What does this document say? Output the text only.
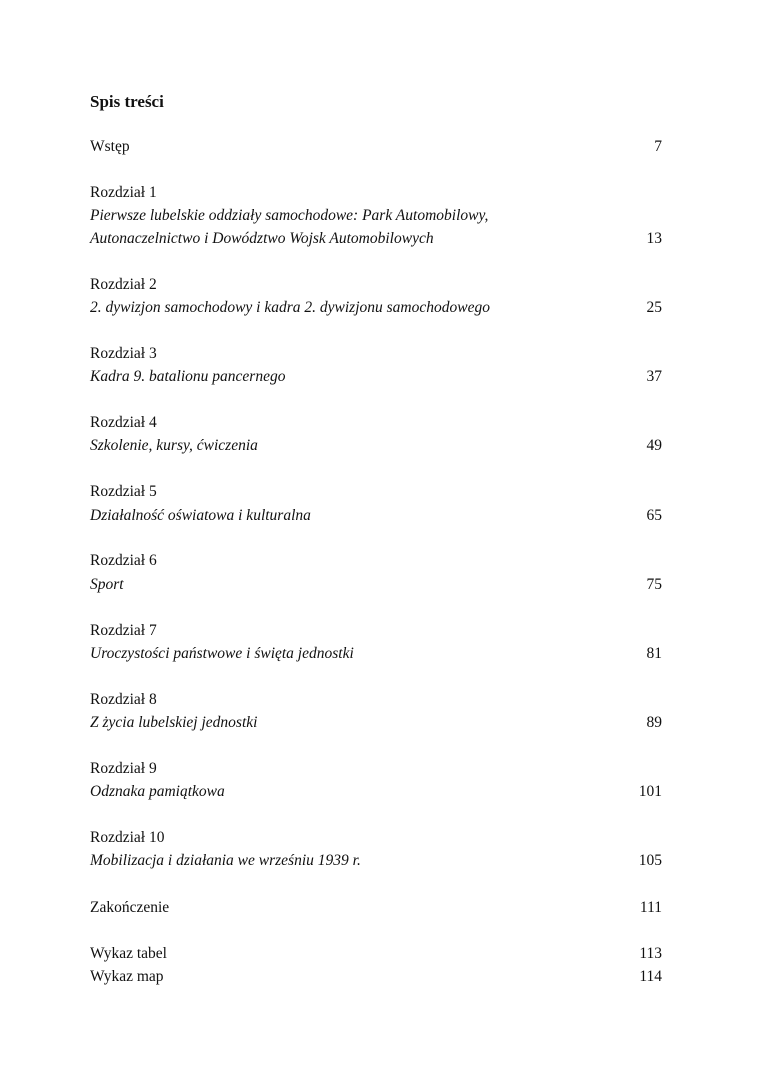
Spis treści
Wstęp	7
Rozdział 1
Pierwsze lubelskie oddziały samochodowe: Park Automobilowy,
Autonaczelnictwo i Dowództwo Wojsk Automobilowych	13
Rozdział 2
2. dywizjon samochodowy i kadra 2. dywizjonu samochodowego	25
Rozdział 3
Kadra 9. batalionu pancernego	37
Rozdział 4
Szkolenie, kursy, ćwiczenia	49
Rozdział 5
Działalność oświatowa i kulturalna	65
Rozdział 6
Sport	75
Rozdział 7
Uroczystości państwowe i święta jednostki	81
Rozdział 8
Z życia lubelskiej jednostki	89
Rozdział 9
Odznaka pamiątkowa	101
Rozdział 10
Mobilizacja i działania we wrześniu 1939 r.	105
Zakończenie	111
Wykaz tabel	113
Wykaz map	114
